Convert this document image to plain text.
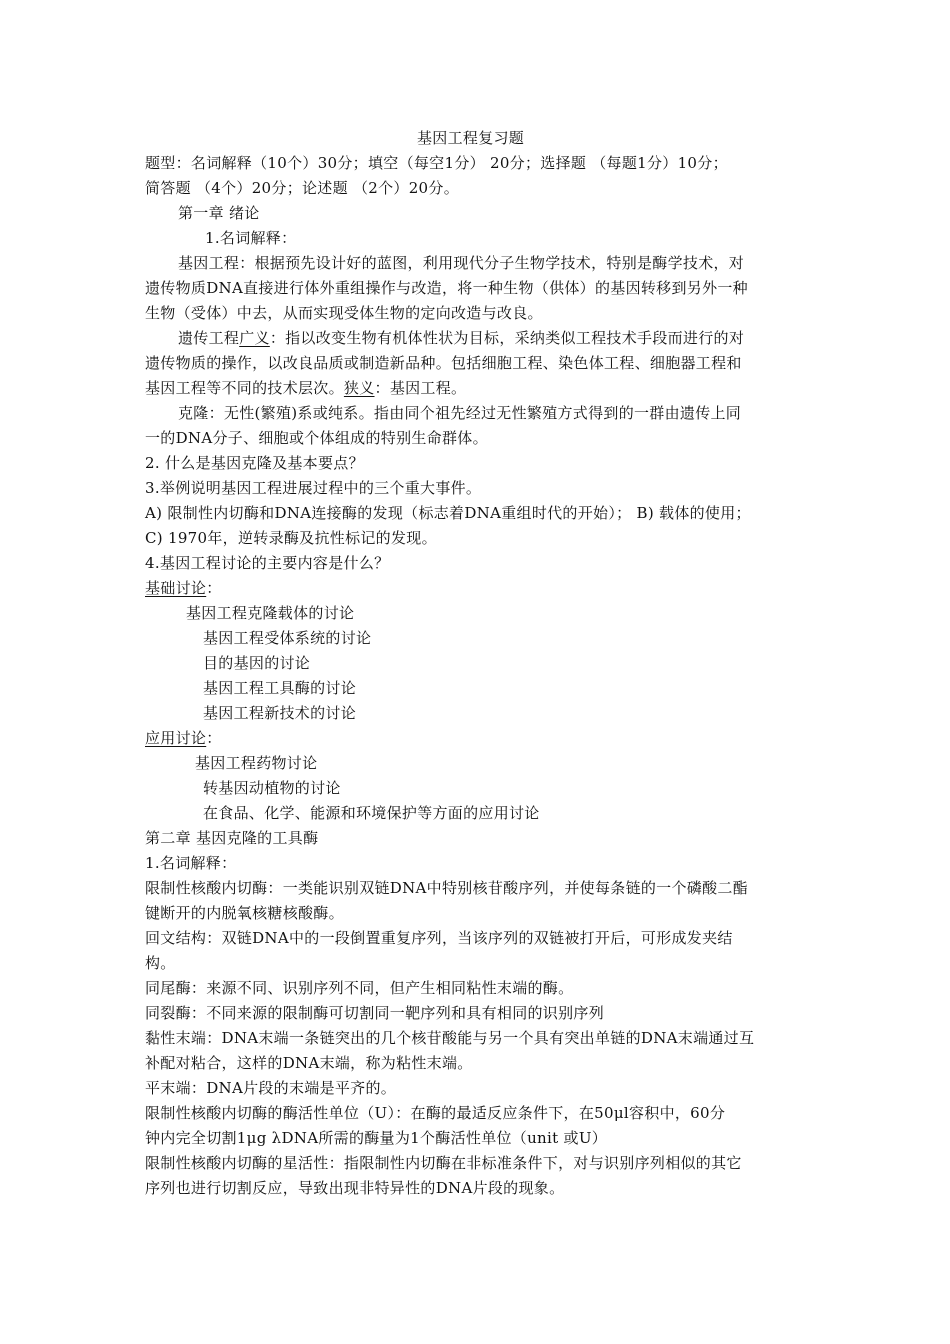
基因工程复习题
题型：名词解释（10个）30分；填空（每空1分） 20分；选择题 （每题1分）10分；
简答题 （4个）20分；论述题 （2个）20分。
第一章 绪论
1.名词解释：
基因工程：根据预先设计好的蓝图，利用现代分子生物学技术，特别是酶学技术，对
遗传物质DNA直接进行体外重组操作与改造，将一种生物（供体）的基因转移到另外一种
生物（受体）中去，从而实现受体生物的定向改造与改良。
遗传工程广义：指以改变生物有机体性状为目标，采纳类似工程技术手段而进行的对
遗传物质的操作，以改良品质或制造新品种。包括细胞工程、染色体工程、细胞器工程和
基因工程等不同的技术层次。狭义：基因工程。
克隆：无性(繁殖)系或纯系。指由同个祖先经过无性繁殖方式得到的一群由遗传上同
一的DNA分子、细胞或个体组成的特别生命群体。
2. 什么是基因克隆及基本要点？
3.举例说明基因工程进展过程中的三个重大事件。
A) 限制性内切酶和DNA连接酶的发现（标志着DNA重组时代的开始）； B) 载体的使用；
C) 1970年，逆转录酶及抗性标记的发现。
4.基因工程讨论的主要内容是什么？
基础讨论：
基因工程克隆载体的讨论
基因工程受体系统的讨论
目的基因的讨论
基因工程工具酶的讨论
基因工程新技术的讨论
应用讨论：
基因工程药物讨论
转基因动植物的讨论
在食品、化学、能源和环境保护等方面的应用讨论
第二章 基因克隆的工具酶
1.名词解释：
限制性核酸内切酶：一类能识别双链DNA中特别核苷酸序列，并使每条链的一个磷酸二酯
键断开的内脱氧核糖核酸酶。
回文结构：双链DNA中的一段倒置重复序列，当该序列的双链被打开后，可形成发夹结
构。
同尾酶：来源不同、识别序列不同，但产生相同粘性末端的酶。
同裂酶：不同来源的限制酶可切割同一靶序列和具有相同的识别序列
黏性末端：DNA末端一条链突出的几个核苷酸能与另一个具有突出单链的DNA末端通过互
补配对粘合，这样的DNA末端，称为粘性末端。
平末端：DNA片段的末端是平齐的。
限制性核酸内切酶的酶活性单位（U）：在酶的最适反应条件下，在50μl容积中，60分
钟内完全切割1μg λDNA所需的酶量为1个酶活性单位（unit 或U）
限制性核酸内切酶的星活性：指限制性内切酶在非标准条件下，对与识别序列相似的其它
序列也进行切割反应，导致出现非特异性的DNA片段的现象。
